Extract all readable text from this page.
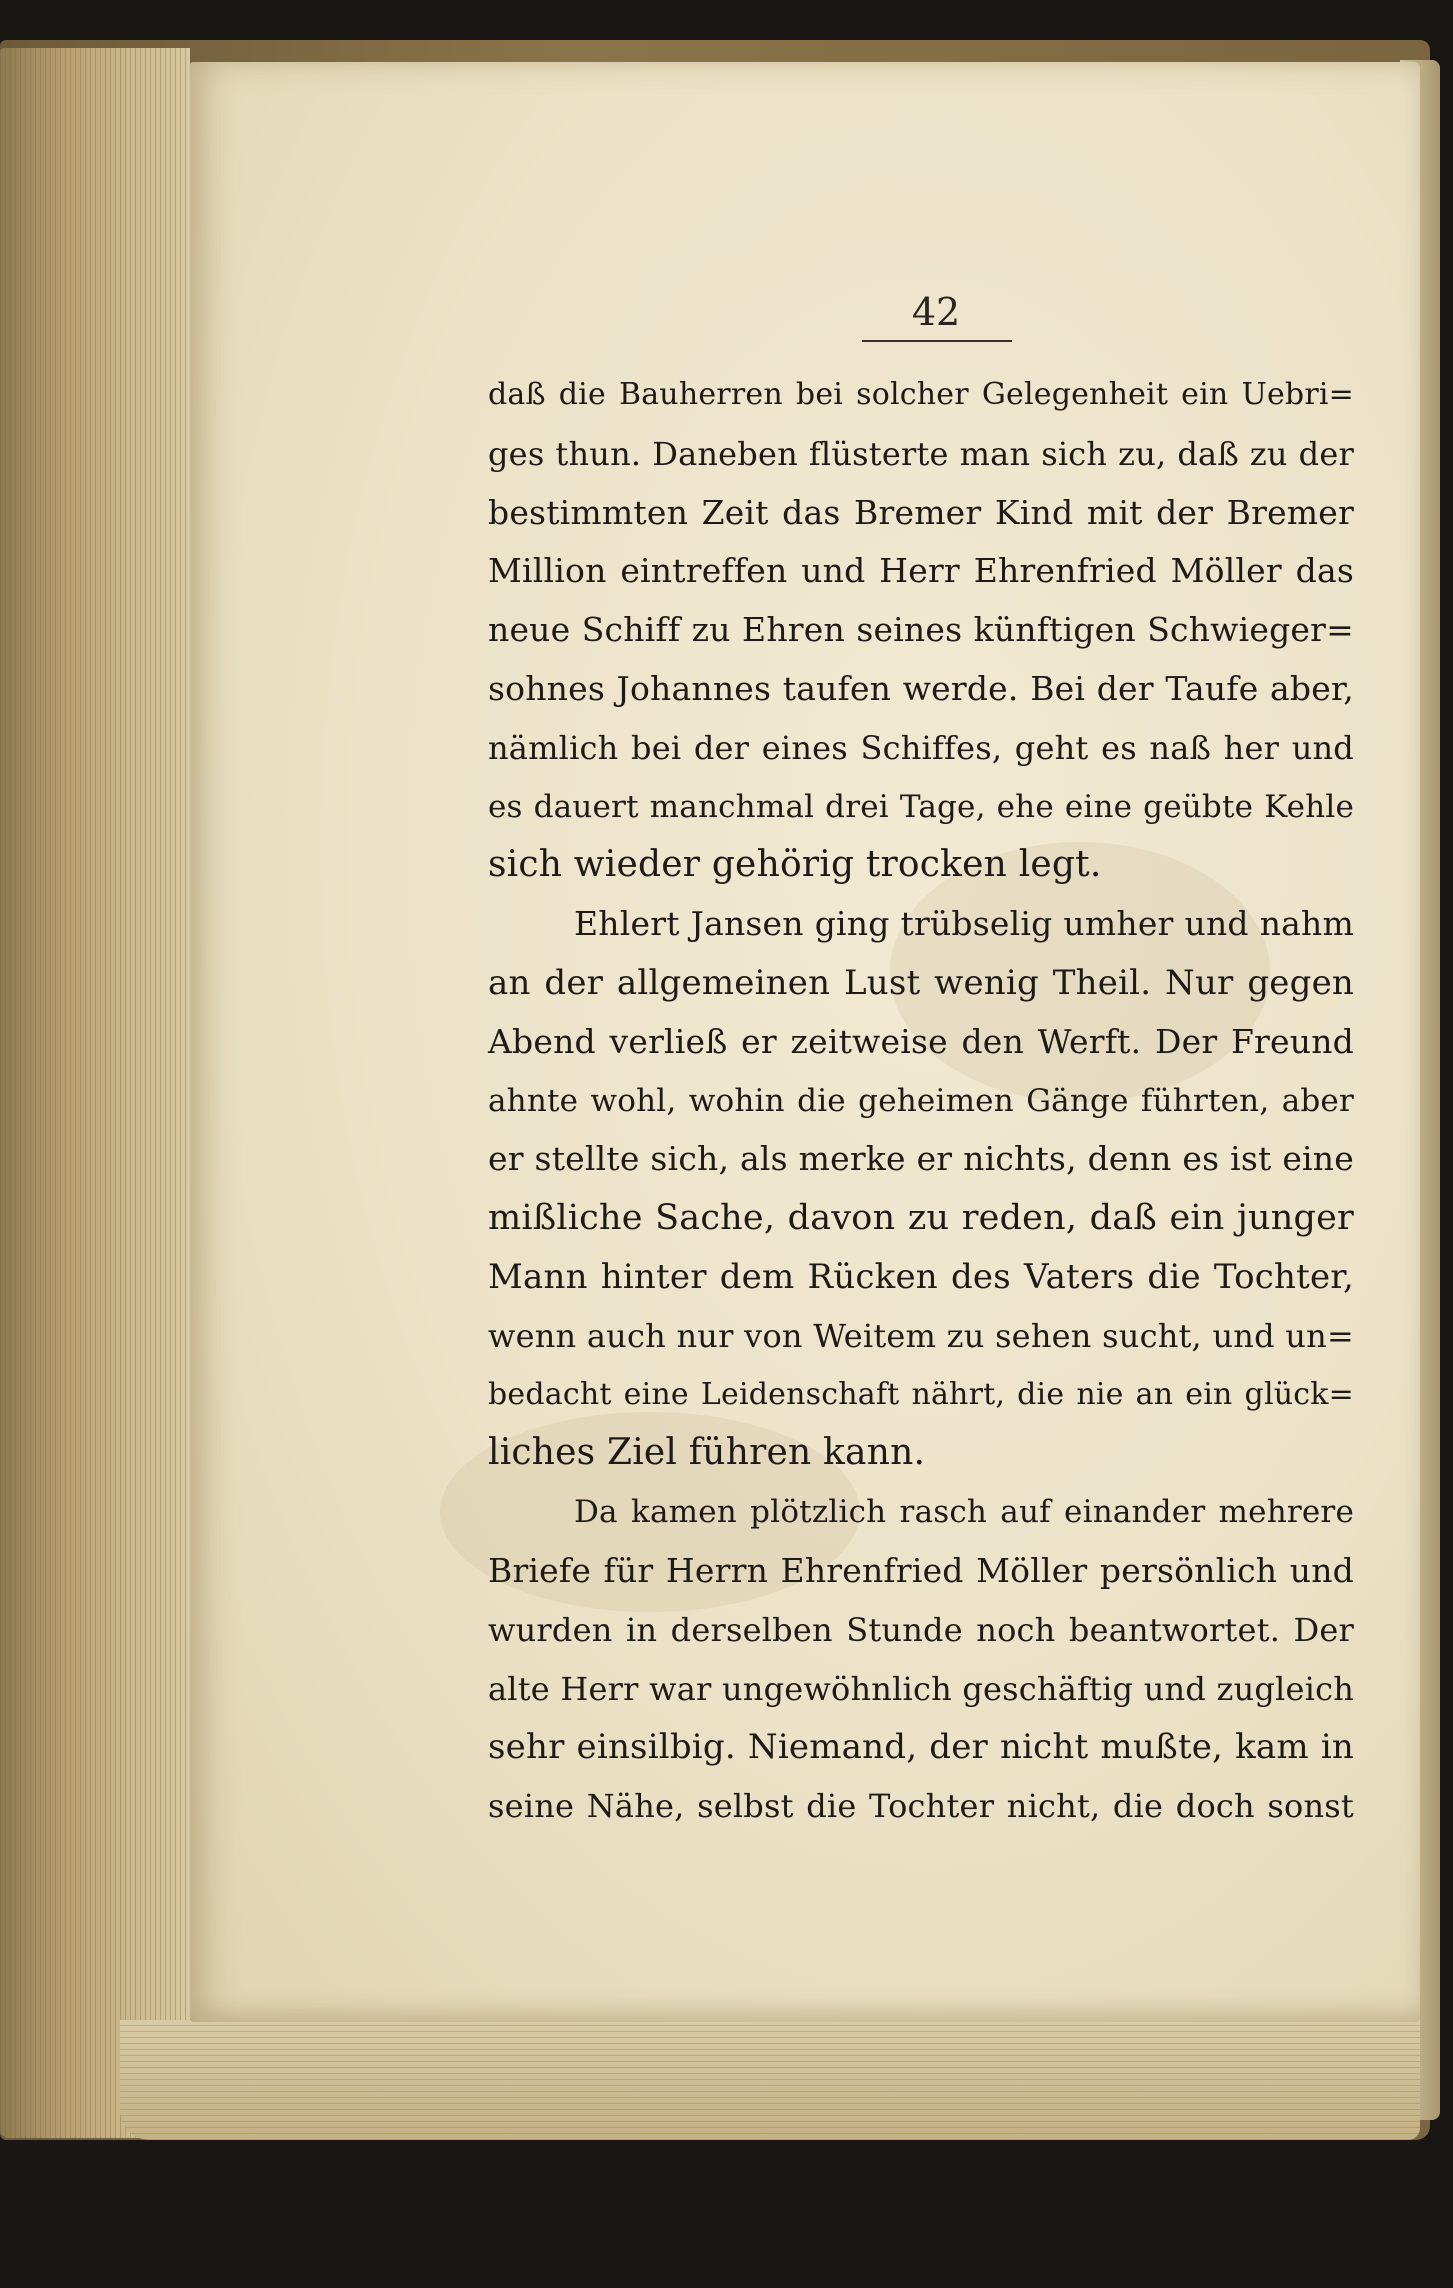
42
daß die Bauherren bei solcher Gelegenheit ein Uebri=
ges thun. Daneben flüsterte man sich zu, daß zu der
bestimmten Zeit das Bremer Kind mit der Bremer
Million eintreffen und Herr Ehrenfried Möller das
neue Schiff zu Ehren seines künftigen Schwieger=
sohnes Johannes taufen werde. Bei der Taufe aber,
nämlich bei der eines Schiffes, geht es naß her und
es dauert manchmal drei Tage, ehe eine geübte Kehle
sich wieder gehörig trocken legt.
Ehlert Jansen ging trübselig umher und nahm
an der allgemeinen Lust wenig Theil. Nur gegen
Abend verließ er zeitweise den Werft. Der Freund
ahnte wohl, wohin die geheimen Gänge führten, aber
er stellte sich, als merke er nichts, denn es ist eine
mißliche Sache, davon zu reden, daß ein junger
Mann hinter dem Rücken des Vaters die Tochter,
wenn auch nur von Weitem zu sehen sucht, und un=
bedacht eine Leidenschaft nährt, die nie an ein glück=
liches Ziel führen kann.
Da kamen plötzlich rasch auf einander mehrere
Briefe für Herrn Ehrenfried Möller persönlich und
wurden in derselben Stunde noch beantwortet. Der
alte Herr war ungewöhnlich geschäftig und zugleich
sehr einsilbig. Niemand, der nicht mußte, kam in
seine Nähe, selbst die Tochter nicht, die doch sonst
